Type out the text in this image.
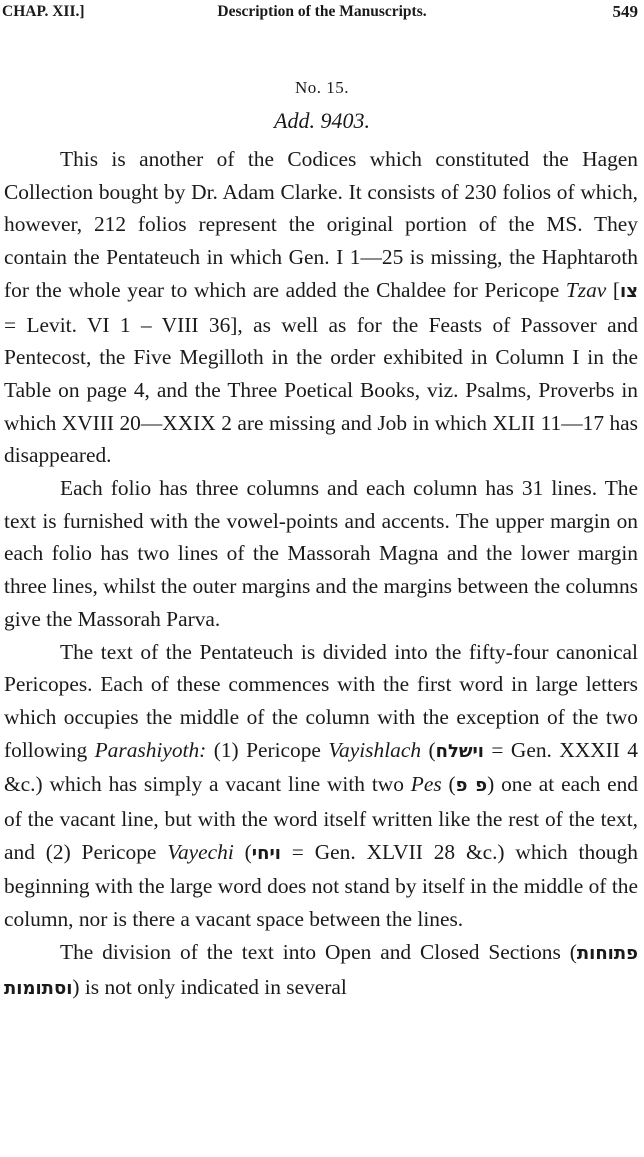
CHAP. XII.]	Description of the Manuscripts.	549
No. 15.
Add. 9403.

This is another of the Codices which constituted the Hagen Collection bought by Dr. Adam Clarke. It consists of 230 folios of which, however, 212 folios represent the original portion of the MS. They contain the Pentateuch in which Gen. I 1—25 is missing, the Haphtaroth for the whole year to which are added the Chaldee for Pericope Tzav [צו = Levit. VI 1 – VIII 36], as well as for the Feasts of Passover and Pentecost, the Five Megilloth in the order exhibited in Column I in the Table on page 4, and the Three Poetical Books, viz. Psalms, Proverbs in which XVIII 20—XXIX 2 are missing and Job in which XLII 11—17 has disappeared.

Each folio has three columns and each column has 31 lines. The text is furnished with the vowel-points and accents. The upper margin on each folio has two lines of the Massorah Magna and the lower margin three lines, whilst the outer margins and the margins between the columns give the Massorah Parva.

The text of the Pentateuch is divided into the fifty-four canonical Pericopes. Each of these commences with the first word in large letters which occupies the middle of the column with the exception of the two following Parashiyoth: (1) Pericope Vayishlach (וישלח = Gen. XXXII 4 &c.) which has simply a vacant line with two Pes (פ פ) one at each end of the vacant line, but with the word itself written like the rest of the text, and (2) Pericope Vayechi (ויחי = Gen. XLVII 28 &c.) which though beginning with the large word does not stand by itself in the middle of the column, nor is there a vacant space between the lines.

The division of the text into Open and Closed Sections (פתוחות וסתומות) is not only indicated in several
